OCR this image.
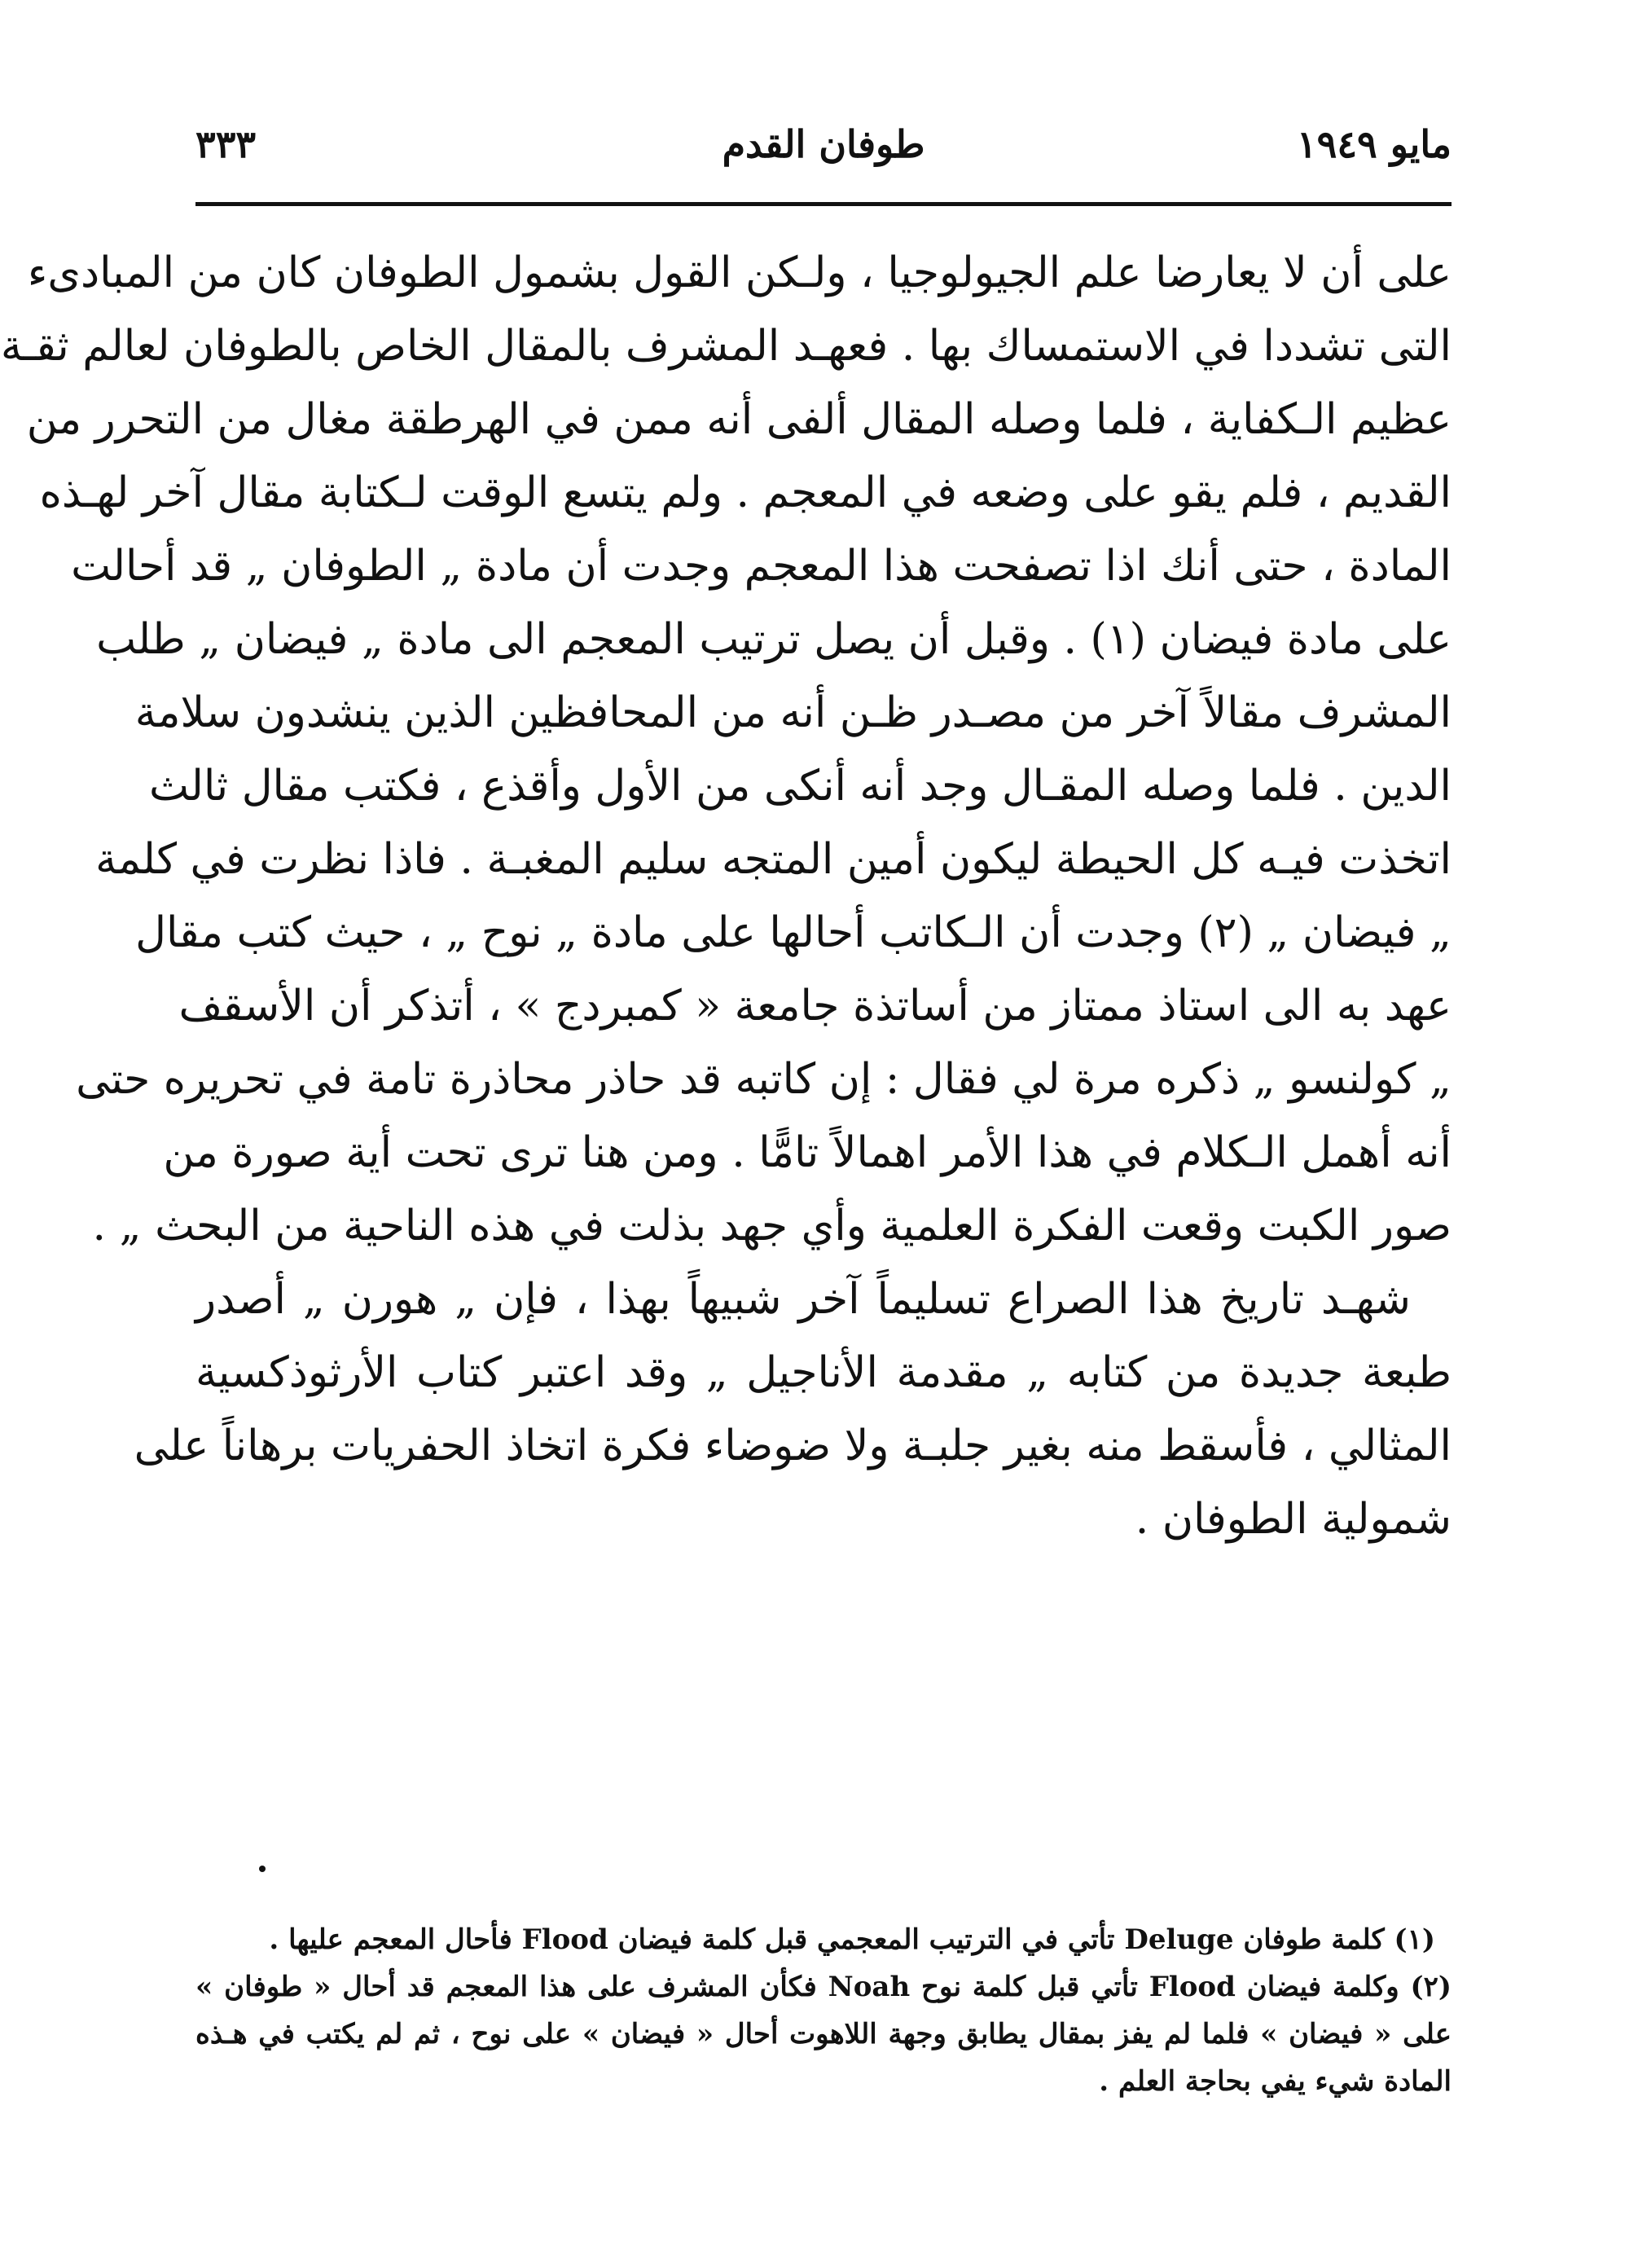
مايو ١٩٤٩
طوفان القدم
٣٣٣
على أن لا يعارضا علم الجيولوجيا ، ولـكن القول بشمول الطوفان كان من المبادىء
التى تشددا في الاستمساك بها . فعهـد المشرف بالمقال الخاص بالطوفان لعالم ثقـة
عظيم الـكفاية ، فلما وصله المقال ألفى أنه ممن في الهرطقة مغال من التحرر من
القديم ، فلم يقو على وضعه في المعجم . ولم يتسع الوقت لـكتابة مقال آخر لهـذه
المادة ، حتى أنك اذا تصفحت هذا المعجم وجدت أن مادة „ الطوفان „ قد أحالت
على مادة فيضان (١) . وقبل أن يصل ترتيب المعجم الى مادة „ فيضان „ طلب
المشرف مقالاً آخر من مصـدر ظـن أنه من المحافظين الذين ينشدون سلامة
الدين . فلما وصله المقـال وجد أنه أنكى من الأول وأقذع ، فكتب مقال ثالث
اتخذت فيـه كل الحيطة ليكون أمين المتجه سليم المغبـة . فاذا نظرت في كلمة
„ فيضان „ (٢) وجدت أن الـكاتب أحالها على مادة „ نوح „ ، حيث كتب مقال
عهد به الى استاذ ممتاز من أساتذة جامعة « كمبردج » ، أتذكر أن الأسقف
„ كولنسو „ ذكره مرة لي فقال : إن كاتبه قد حاذر محاذرة تامة في تحريره حتى
أنه أهمل الـكلام في هذا الأمر اهمالاً تامًّا . ومن هنا ترى تحت أية صورة من
صور الكبت وقعت الفكرة العلمية وأي جهد بذلت في هذه الناحية من البحث „ .
شهـد تاريخ هذا الصراع تسليماً آخر شبيهاً بهذا ، فإن „ هورن „ أصدر
طبعة جديدة من كتابه „ مقدمة الأناجيل „ وقد اعتبر كتاب الأرثوذكسية
المثالي ، فأسقط منه بغير جلبـة ولا ضوضاء فكرة اتخاذ الحفريات برهاناً على
شمولية الطوفان .
(١) كلمة طوفان Deluge تأتي في الترتيب المعجمي قبل كلمة فيضان Flood فأحال المعجم عليها .
(٢) وكلمة فيضان Flood تأتي قبل كلمة نوح Noah فكأن المشرف على هذا المعجم قد أحال « طوفان »
على « فيضان » فلما لم يفز بمقال يطابق وجهة اللاهوت أحال « فيضان » على نوح ، ثم لم يكتب في هـذه
المادة شيء يفي بحاجة العلم .
